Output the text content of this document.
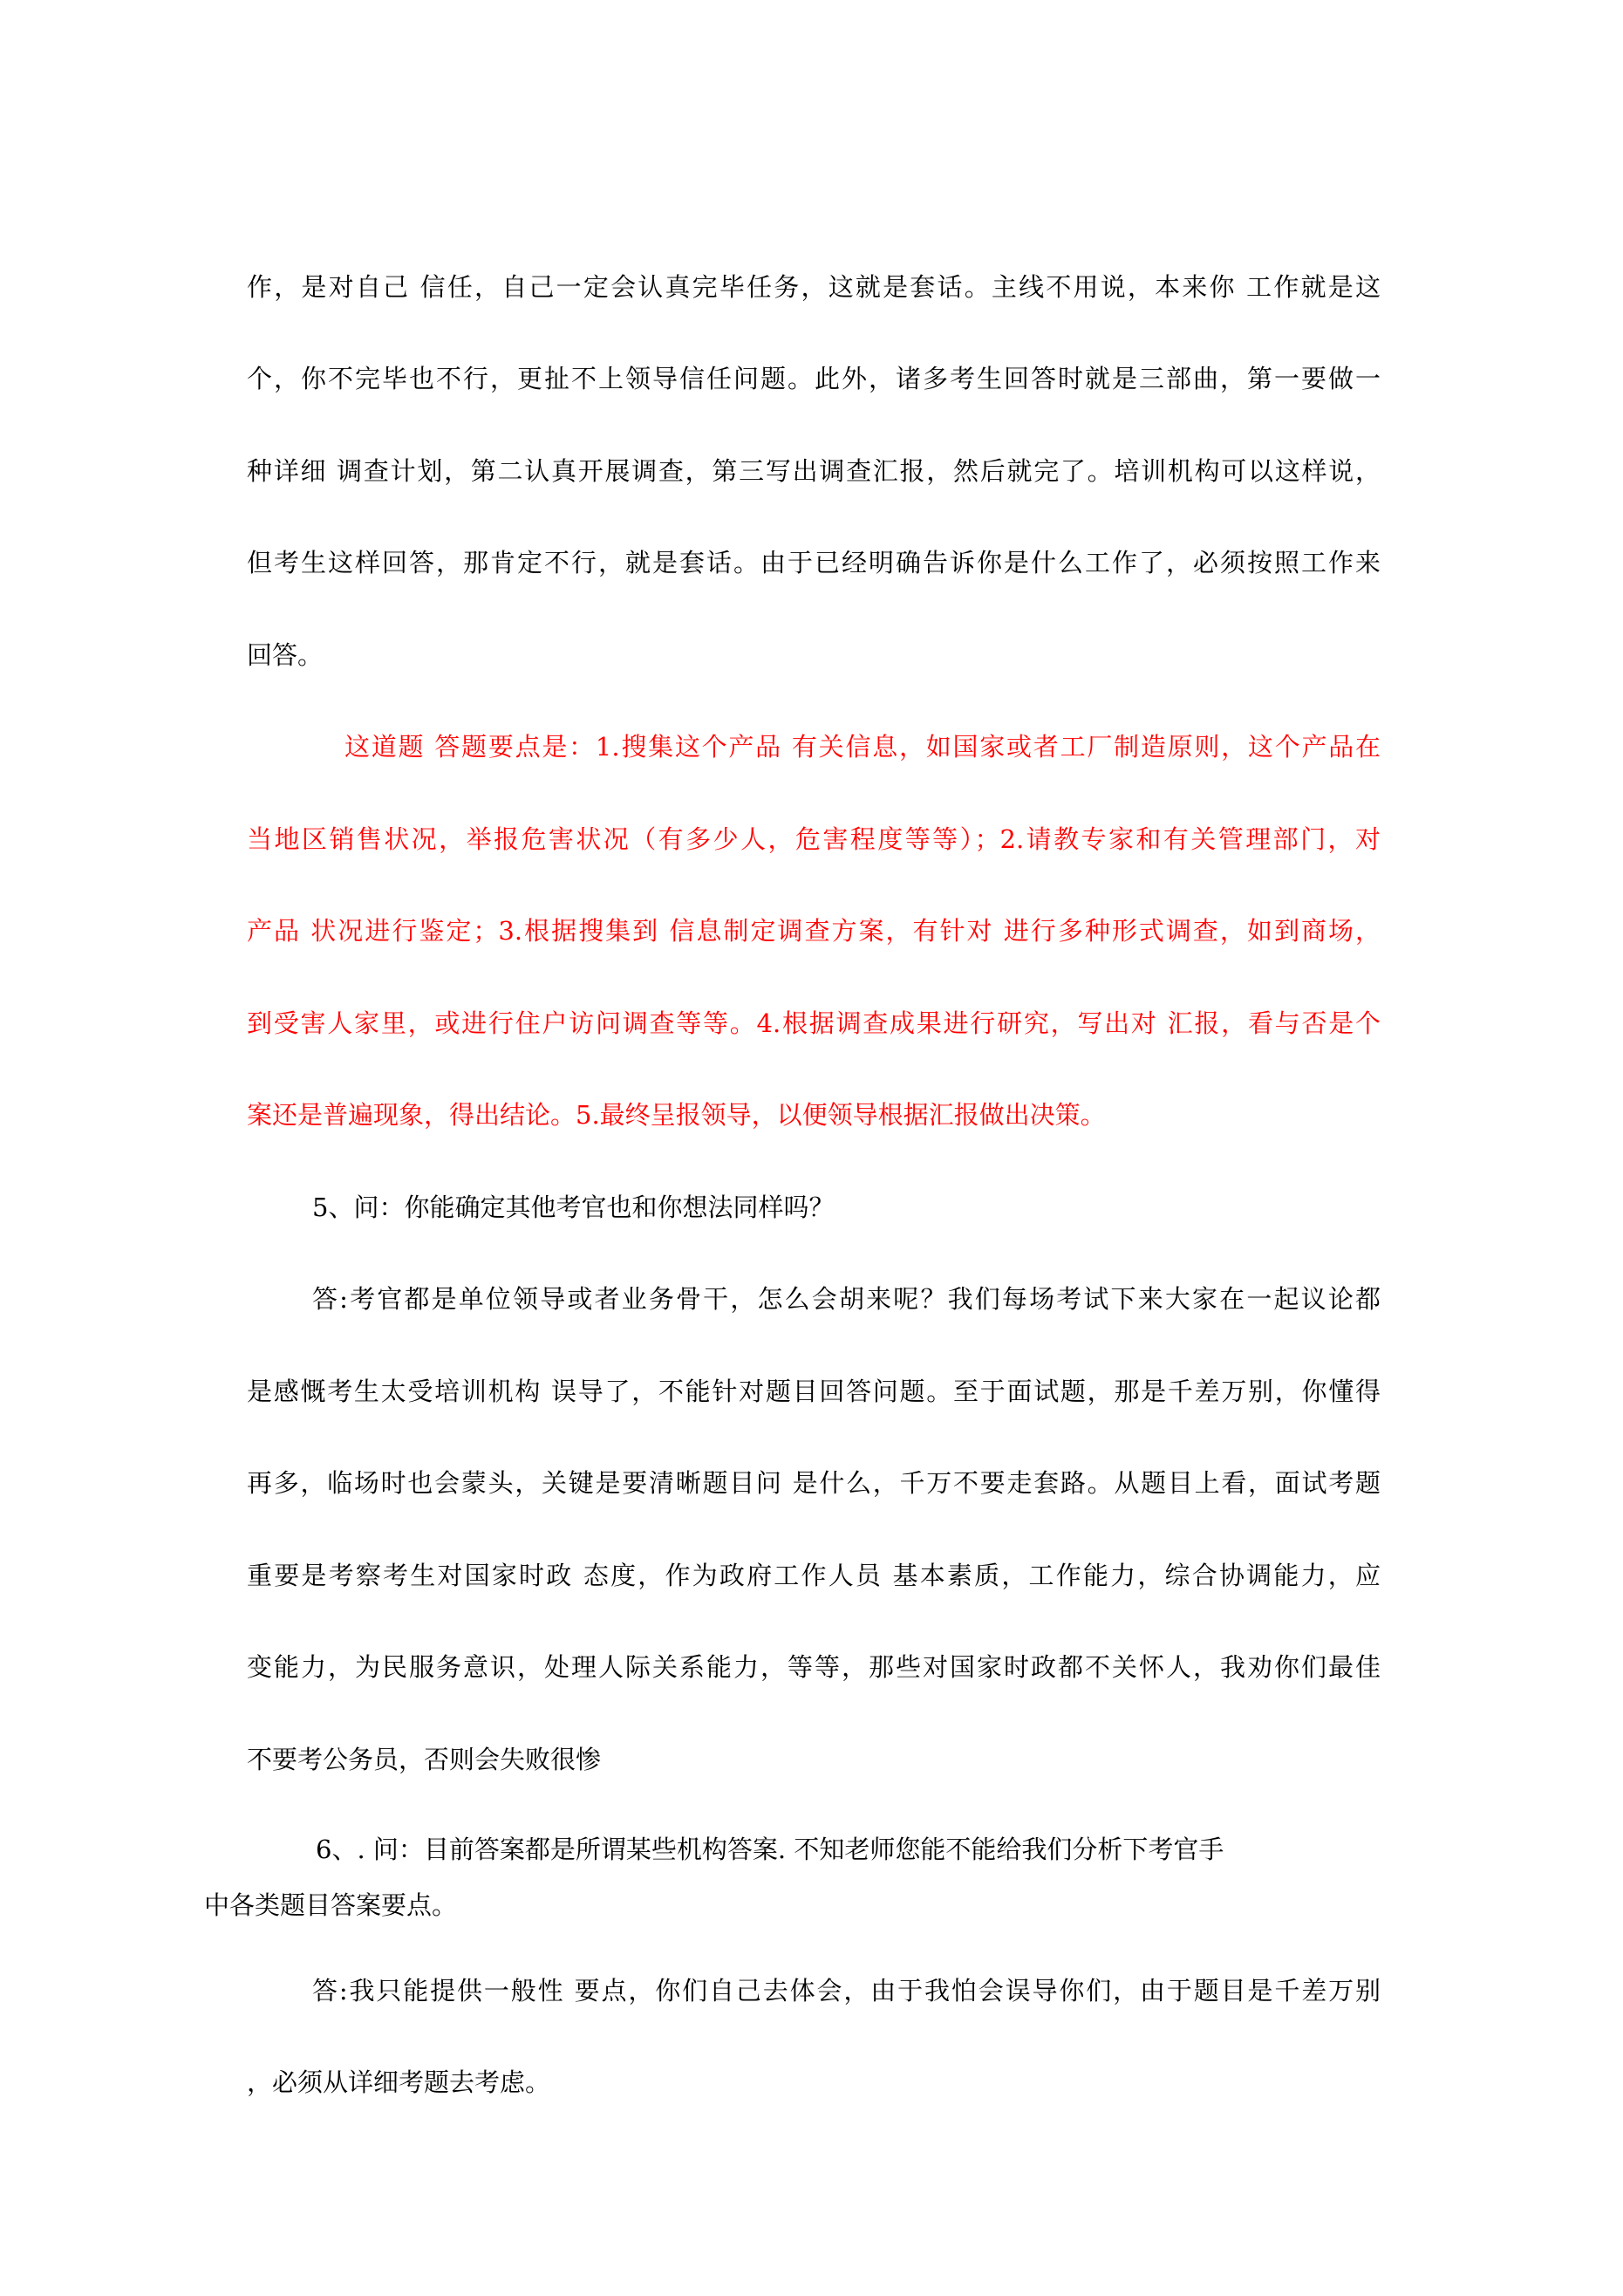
作，是对自己 信任，自己一定会认真完毕任务，这就是套话。主线不用说，本来你 工作就是这
个，你不完毕也不行，更扯不上领导信任问题。此外，诸多考生回答时就是三部曲，第一要做一
种详细 调查计划，第二认真开展调查，第三写出调查汇报，然后就完了。培训机构可以这样说，
但考生这样回答，那肯定不行，就是套话。由于已经明确告诉你是什么工作了，必须按照工作来
回答。
这道题 答题要点是：1.搜集这个产品 有关信息，如国家或者工厂制造原则，这个产品在
当地区销售状况，举报危害状况（有多少人，危害程度等等）；2.请教专家和有关管理部门，对
产品 状况进行鉴定；3.根据搜集到 信息制定调查方案，有针对 进行多种形式调查，如到商场，
到受害人家里，或进行住户访问调查等等。4.根据调查成果进行研究，写出对 汇报，看与否是个
案还是普遍现象，得出结论。5.最终呈报领导，以便领导根据汇报做出决策。
5、问：你能确定其他考官也和你想法同样吗？
答:考官都是单位领导或者业务骨干，怎么会胡来呢？我们每场考试下来大家在一起议论都
是感慨考生太受培训机构 误导了，不能针对题目回答问题。至于面试题，那是千差万别，你懂得
再多，临场时也会蒙头，关键是要清晰题目问 是什么，千万不要走套路。从题目上看，面试考题
重要是考察考生对国家时政 态度，作为政府工作人员 基本素质，工作能力，综合协调能力，应
变能力，为民服务意识，处理人际关系能力，等等，那些对国家时政都不关怀人，我劝你们最佳
不要考公务员，否则会失败很惨
6、. 问：目前答案都是所谓某些机构答案. 不知老师您能不能给我们分析下考官手
中各类题目答案要点。
答:我只能提供一般性 要点，你们自己去体会，由于我怕会误导你们，由于题目是千差万别
，必须从详细考题去考虑。
